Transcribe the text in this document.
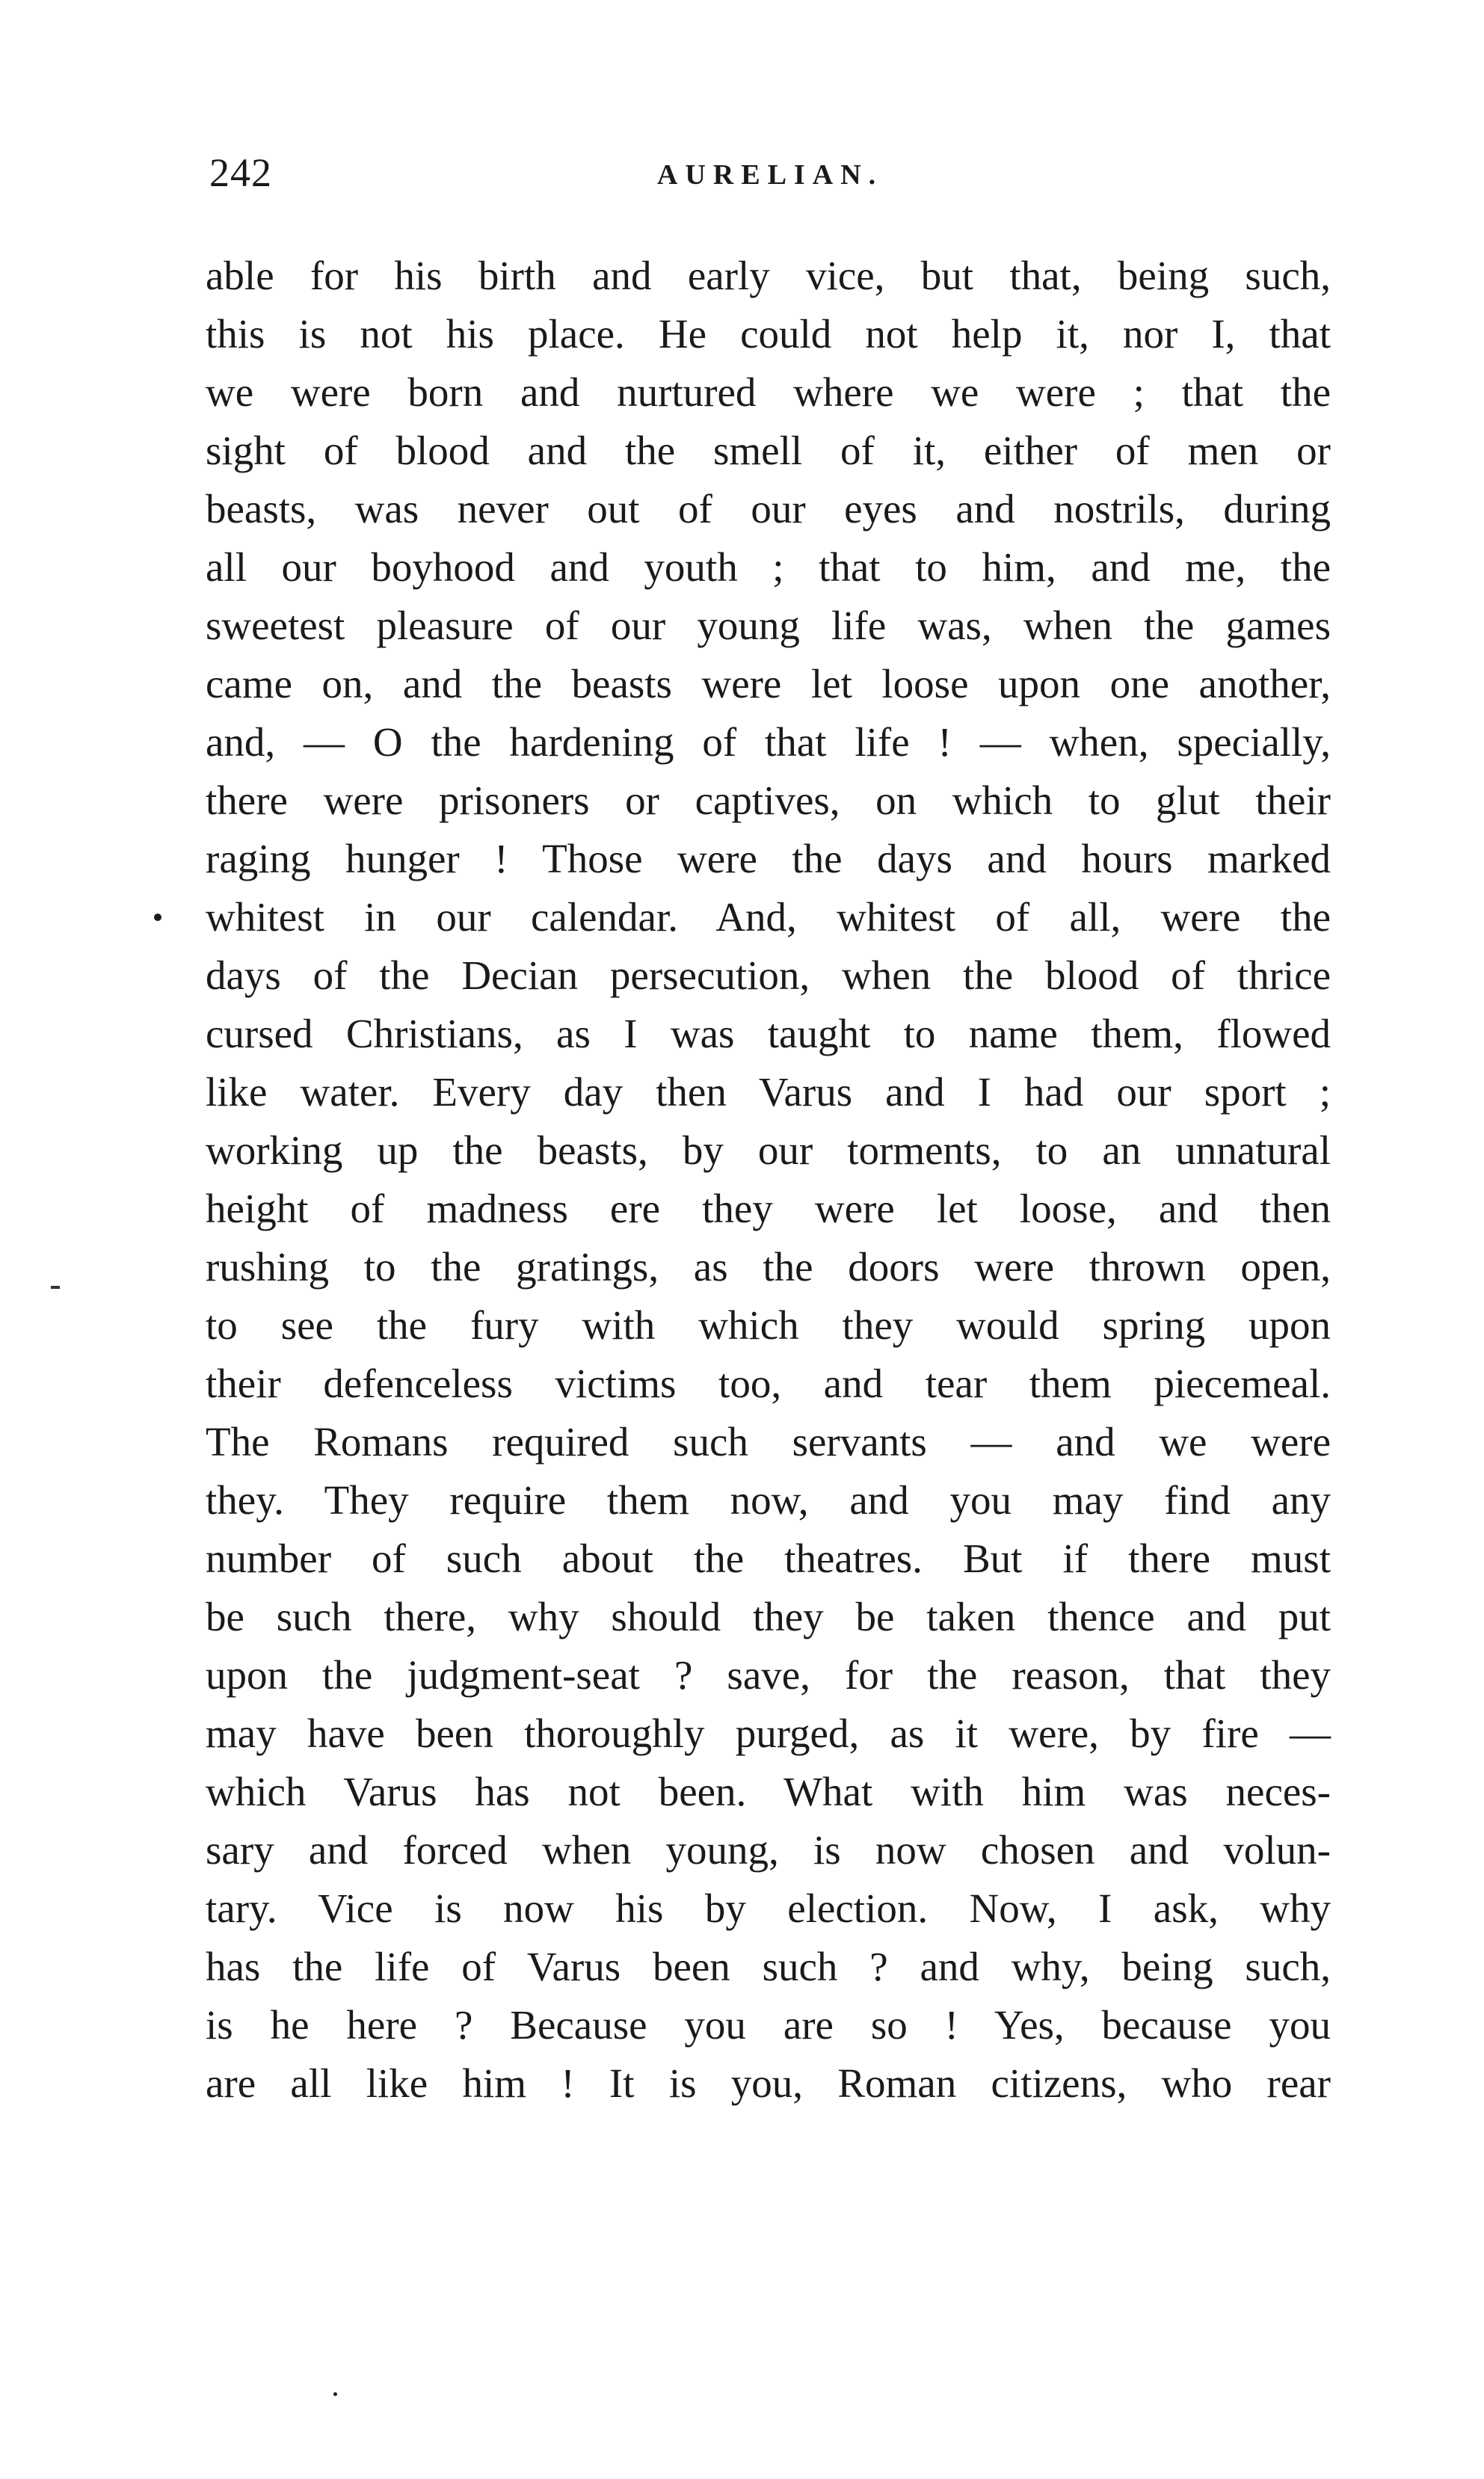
242	AURELIAN.
able for his birth and early vice, but that, being such,
this is not his place. He could not help it, nor I, that
we were born and nurtured where we were ; that the
sight of blood and the smell of it, either of men or
beasts, was never out of our eyes and nostrils, during
all our boyhood and youth ; that to him, and me, the
sweetest pleasure of our young life was, when the games
came on, and the beasts were let loose upon one another,
and, — O the hardening of that life ! — when, specially,
there were prisoners or captives, on which to glut their
raging hunger ! Those were the days and hours marked
whitest in our calendar. And, whitest of all, were the
days of the Decian persecution, when the blood of thrice
cursed Christians, as I was taught to name them, flowed
like water. Every day then Varus and I had our sport ;
working up the beasts, by our torments, to an unnatural
height of madness ere they were let loose, and then
rushing to the gratings, as the doors were thrown open,
to see the fury with which they would spring upon
their defenceless victims too, and tear them piecemeal.
The Romans required such servants — and we were
they. They require them now, and you may find any
number of such about the theatres. But if there must
be such there, why should they be taken thence and put
upon the judgment-seat ? save, for the reason, that they
may have been thoroughly purged, as it were, by fire —
which Varus has not been. What with him was neces-
sary and forced when young, is now chosen and volun-
tary. Vice is now his by election. Now, I ask, why
has the life of Varus been such ? and why, being such,
is he here ? Because you are so ! Yes, because you
are all like him ! It is you, Roman citizens, who rear
